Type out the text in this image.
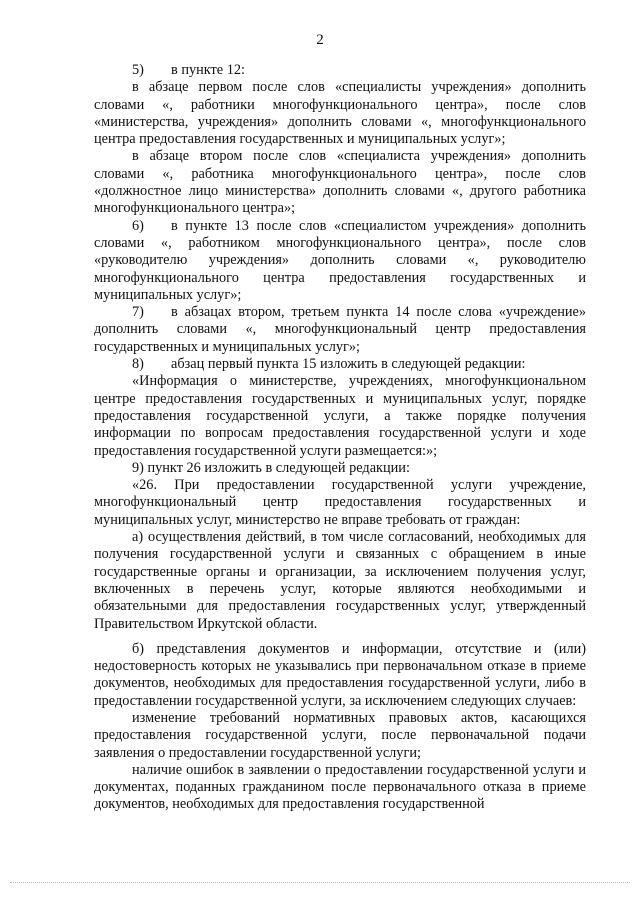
2

5) в пункте 12:

в абзаце первом после слов «специалисты учреждения» дополнить словами «, работники многофункционального центра», после слов «министерства, учреждения» дополнить словами «, многофункционального центра предоставления государственных и муниципальных услуг»;

в абзаце втором после слов «специалиста учреждения» дополнить словами «, работника многофункционального центра», после слов «должностное лицо министерства» дополнить словами «, другого работника многофункционального центра»;

6) в пункте 13 после слов «специалистом учреждения» дополнить словами «, работником многофункционального центра», после слов «руководителю учреждения» дополнить словами «, руководителю многофункционального центра предоставления государственных и муниципальных услуг»;

7) в абзацах втором, третьем пункта 14 после слова «учреждение» дополнить словами «, многофункциональный центр предоставления государственных и муниципальных услуг»;

8) абзац первый пункта 15 изложить в следующей редакции:

«Информация о министерстве, учреждениях, многофункциональном центре предоставления государственных и муниципальных услуг, порядке предоставления государственной услуги, а также порядке получения информации по вопросам предоставления государственной услуги и ходе предоставления государственной услуги размещается:»;

9) пункт 26 изложить в следующей редакции:

«26. При предоставлении государственной услуги учреждение, многофункциональный центр предоставления государственных и муниципальных услуг, министерство не вправе требовать от граждан:

а) осуществления действий, в том числе согласований, необходимых для получения государственной услуги и связанных с обращением в иные государственные органы и организации, за исключением получения услуг, включенных в перечень услуг, которые являются необходимыми и обязательными для предоставления государственных услуг, утвержденный Правительством Иркутской области.

б) представления документов и информации, отсутствие и (или) недостоверность которых не указывались при первоначальном отказе в приеме документов, необходимых для предоставления государственной услуги, либо в предоставлении государственной услуги, за исключением следующих случаев:

изменение требований нормативных правовых актов, касающихся предоставления государственной услуги, после первоначальной подачи заявления о предоставлении государственной услуги;

наличие ошибок в заявлении о предоставлении государственной услуги и документах, поданных гражданином после первоначального отказа в приеме документов, необходимых для предоставления государственной
